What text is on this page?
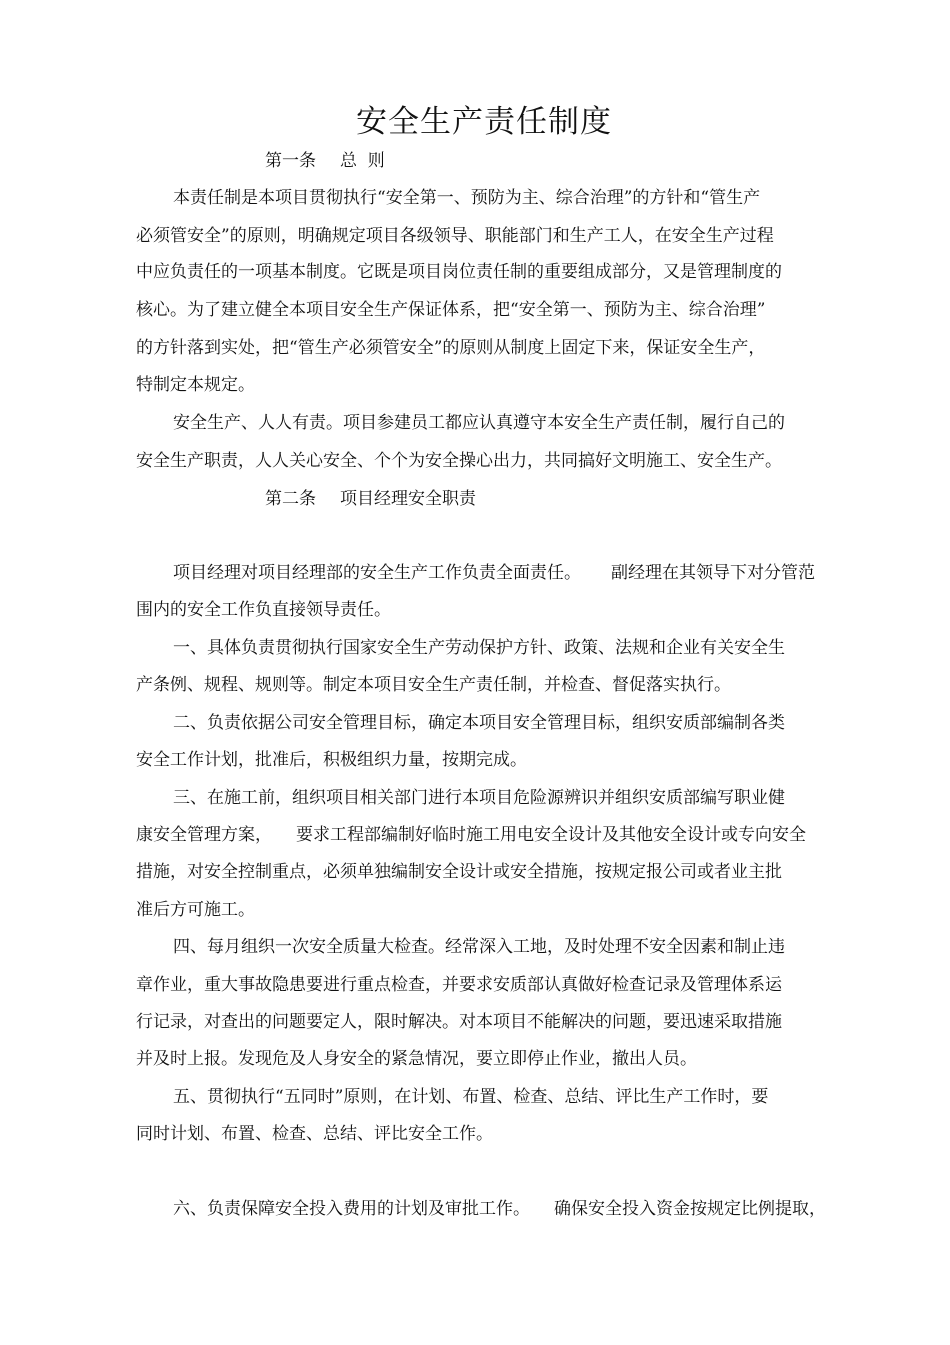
安全生产责任制度
第一条 总  则
本责任制是本项目贯彻执行“安全第一、预防为主、综合治理”的方针和“管生产
必须管安全”的原则，明确规定项目各级领导、职能部门和生产工人，在安全生产过程
中应负责任的一项基本制度。它既是项目岗位责任制的重要组成部分，又是管理制度的
核心。为了建立健全本项目安全生产保证体系，把“安全第一、预防为主、综合治理”
的方针落到实处，把“管生产必须管安全”的原则从制度上固定下来，保证安全生产，
特制定本规定。
安全生产、人人有责。项目参建员工都应认真遵守本安全生产责任制，履行自己的
安全生产职责，人人关心安全、个个为安全操心出力，共同搞好文明施工、安全生产。
第二条 项目经理安全职责
项目经理对项目经理部的安全生产工作负责全面责任。 副经理在其领导下对分管范
围内的安全工作负直接领导责任。
一、具体负责贯彻执行国家安全生产劳动保护方针、政策、法规和企业有关安全生
产条例、规程、规则等。制定本项目安全生产责任制，并检查、督促落实执行。
二、负责依据公司安全管理目标，确定本项目安全管理目标，组织安质部编制各类
安全工作计划，批准后，积极组织力量，按期完成。
三、在施工前，组织项目相关部门进行本项目危险源辨识并组织安质部编写职业健
康安全管理方案， 要求工程部编制好临时施工用电安全设计及其他安全设计或专向安全
措施，对安全控制重点，必须单独编制安全设计或安全措施，按规定报公司或者业主批
准后方可施工。
四、每月组织一次安全质量大检查。经常深入工地，及时处理不安全因素和制止违
章作业，重大事故隐患要进行重点检查，并要求安质部认真做好检查记录及管理体系运
行记录，对查出的问题要定人，限时解决。对本项目不能解决的问题，要迅速采取措施
并及时上报。发现危及人身安全的紧急情况，要立即停止作业，撤出人员。
五、贯彻执行“五同时”原则，在计划、布置、检查、总结、评比生产工作时，要
同时计划、布置、检查、总结、评比安全工作。
六、负责保障安全投入费用的计划及审批工作。 确保安全投入资金按规定比例提取，
